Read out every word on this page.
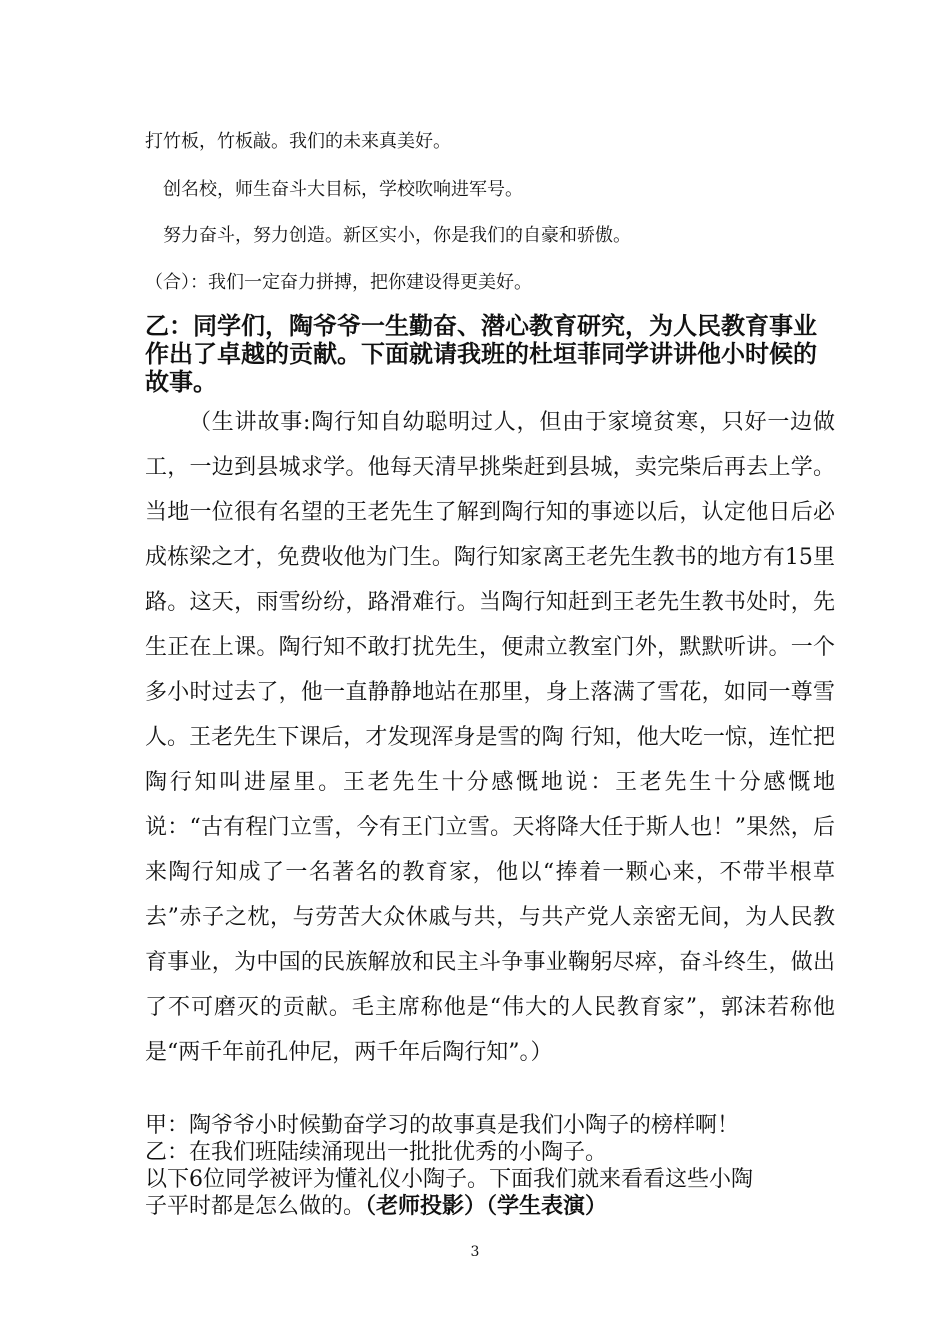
打竹板，竹板敲。我们的未来真美好。
创名校，师生奋斗大目标，学校吹响进军号。
努力奋斗，努力创造。新区实小，你是我们的自豪和骄傲。
（合）：我们一定奋力拼搏，把你建设得更美好。
乙：同学们，陶爷爷一生勤奋、潜心教育研究，为人民教育事业作出了卓越的贡献。下面就请我班的杜垣菲同学讲讲他小时候的故事。
（生讲故事:陶行知自幼聪明过人，但由于家境贫寒，只好一边做工，一边到县城求学。他每天清早挑柴赶到县城，卖完柴后再去上学。当地一位很有名望的王老先生了解到陶行知的事迹以后，认定他日后必成栋梁之才，免费收他为门生。陶行知家离王老先生教书的地方有15里路。这天，雨雪纷纷，路滑难行。当陶行知赶到王老先生教书处时，先生正在上课。陶行知不敢打扰先生，便肃立教室门外，默默听讲。一个多小时过去了，他一直静静地站在那里，身上落满了雪花，如同一尊雪人。王老先生下课后，才发现浑身是雪的陶 行知，他大吃一惊，连忙把陶行知叫进屋里。王老先生十分感慨地说：王老先生十分感慨地说：“古有程门立雪，今有王门立雪。天将降大任于斯人也！”果然，后来陶行知成了一名著名的教育家，他以“捧着一颗心来，不带半根草去”赤子之枕，与劳苦大众休戚与共，与共产党人亲密无间，为人民教育事业，为中国的民族解放和民主斗争事业鞠躬尽瘁，奋斗终生，做出了不可磨灭的贡献。毛主席称他是“伟大的人民教育家”，郭沫若称他是“两千年前孔仲尼，两千年后陶行知”。）
甲：陶爷爷小时候勤奋学习的故事真是我们小陶子的榜样啊！
乙：在我们班陆续涌现出一批批优秀的小陶子。
以下6位同学被评为懂礼仪小陶子。下面我们就来看看这些小陶
子平时都是怎么做的。（老师投影）（学生表演）
3
